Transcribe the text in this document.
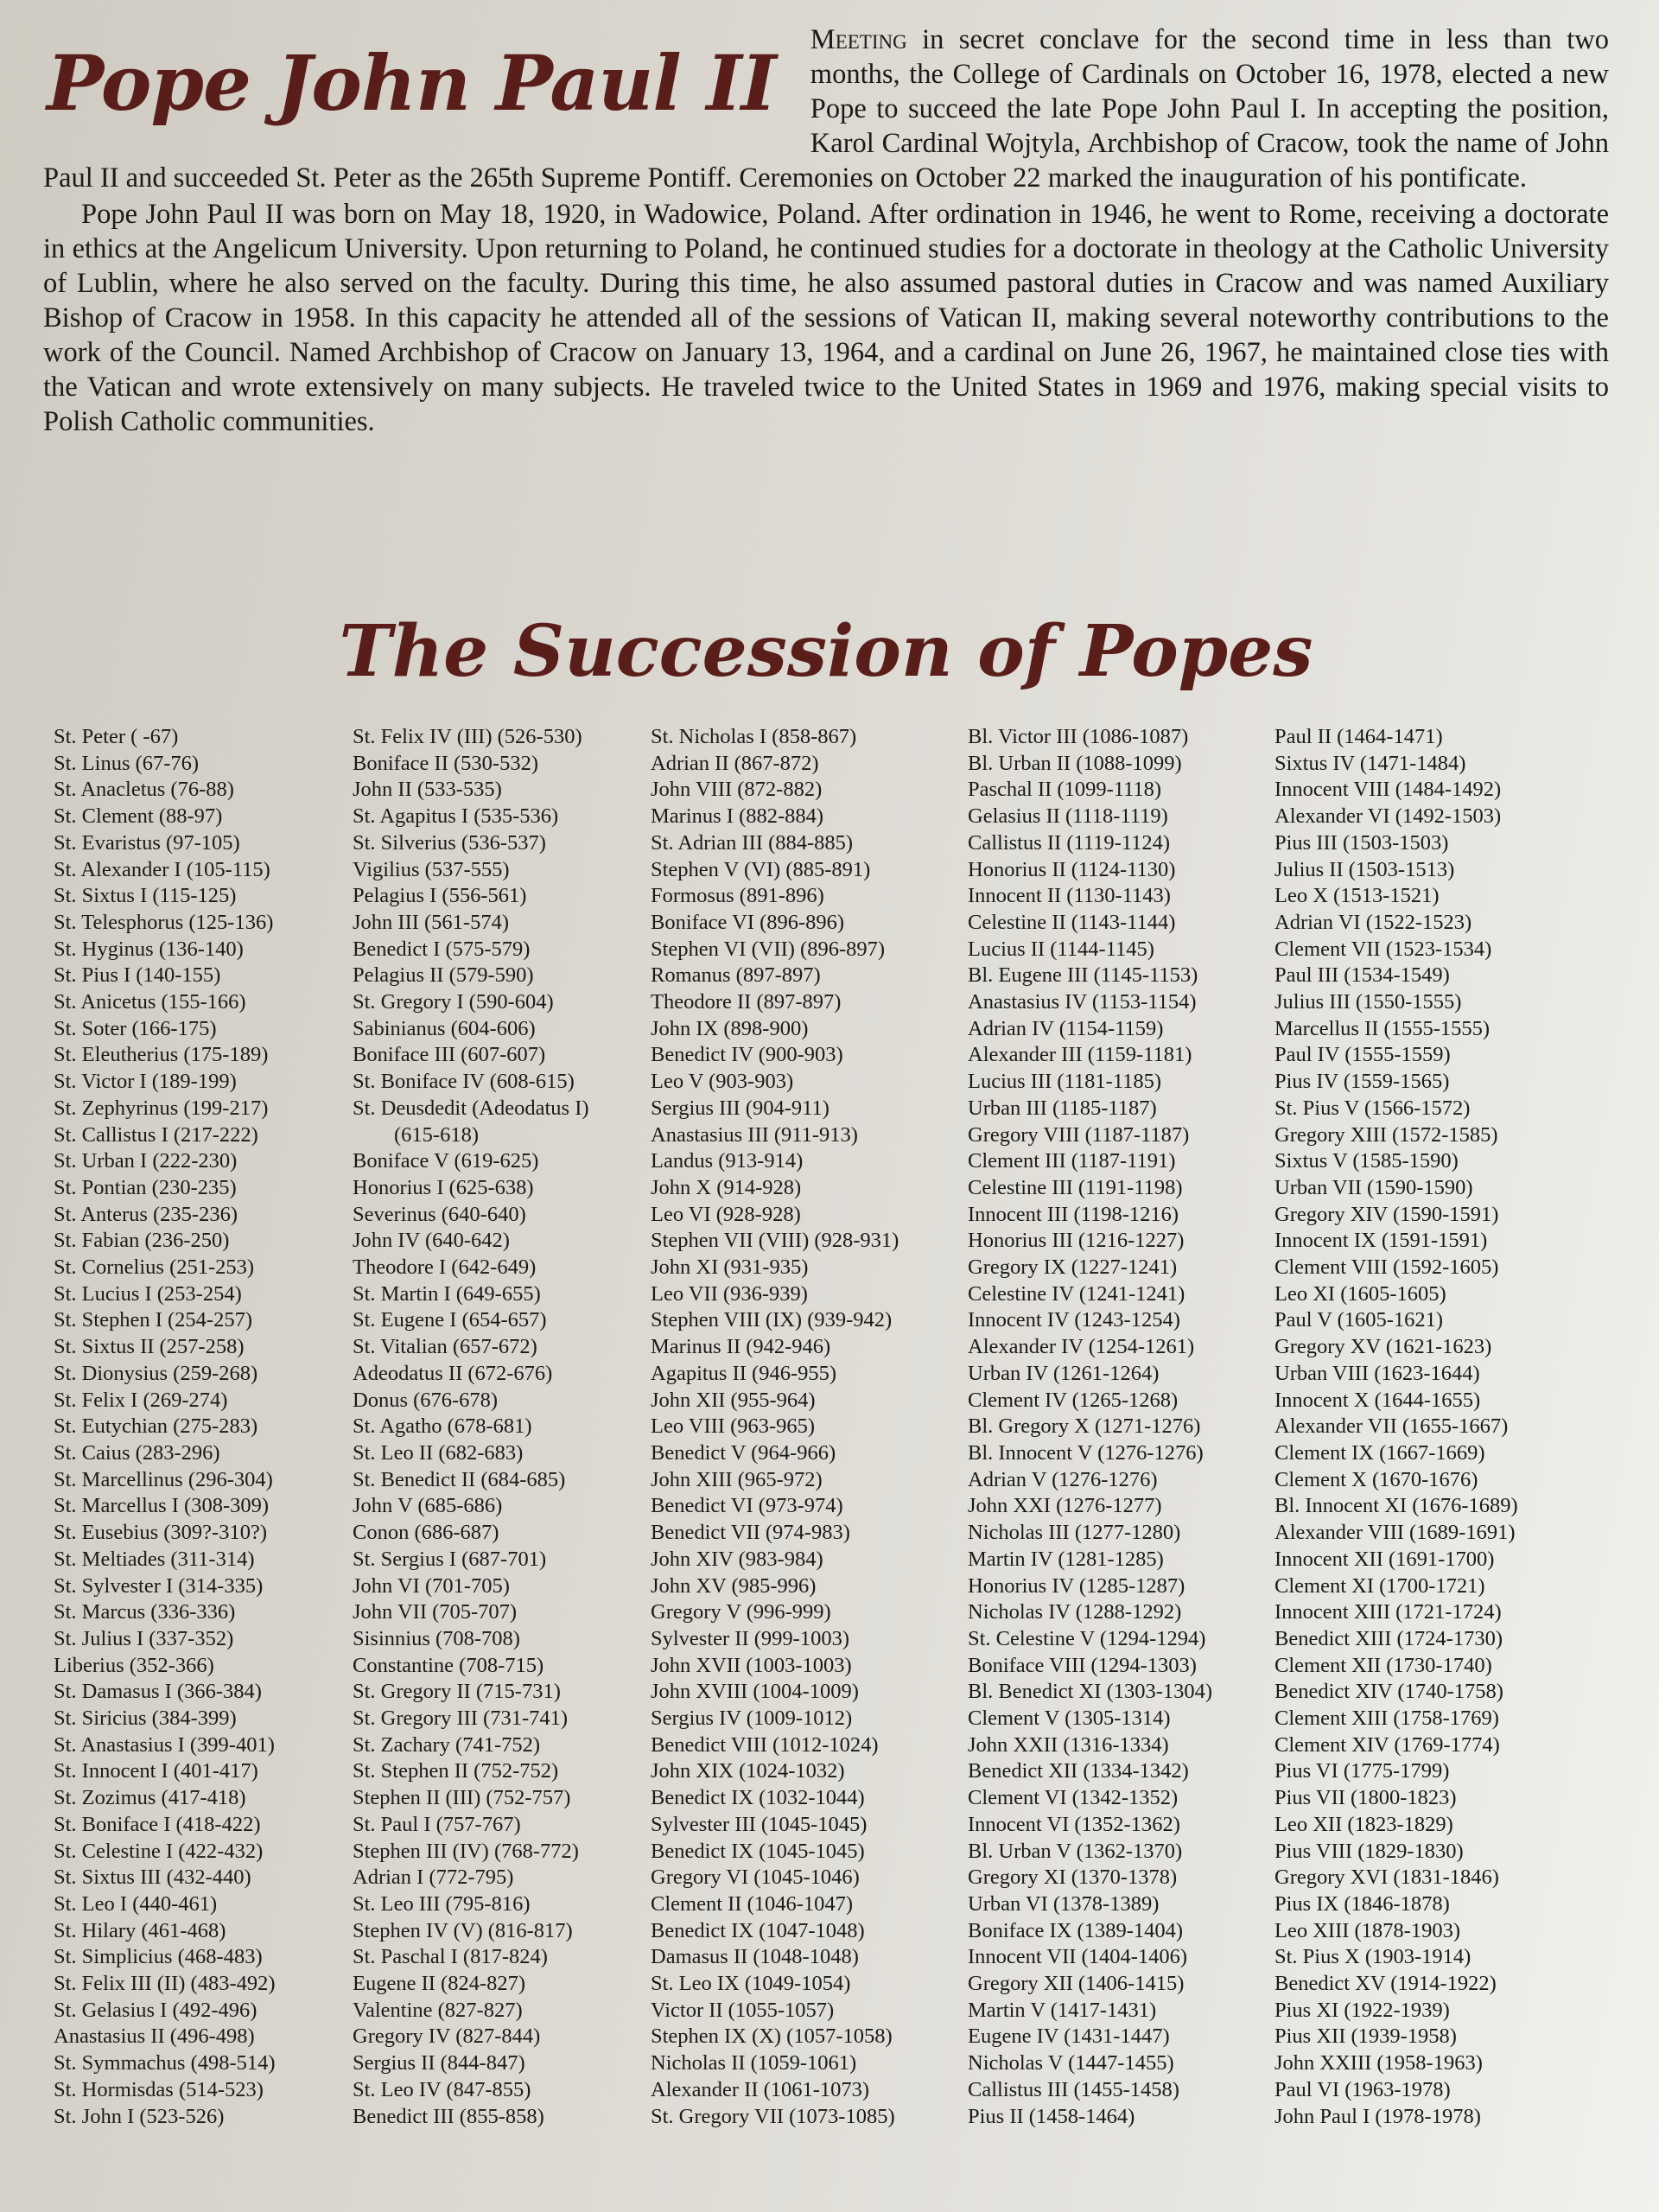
Pope John Paul II	Meeting in secret conclave for the second time in less than two months, the College of Cardinals on October 16, 1978, elected a new Pope to succeed the late Pope John Paul I. In accepting the position, Karol Cardinal Wojtyla, Archbishop of Cracow, took the name of John Paul II and succeeded St. Peter as the 265th Supreme Pontiff. Ceremonies on October 22 marked the inauguration of his pontificate.

Pope John Paul II was born on May 18, 1920, in Wadowice, Poland. After ordination in 1946, he went to Rome, receiving a doctorate in ethics at the Angelicum University. Upon returning to Poland, he continued studies for a doctorate in theology at the Catholic University of Lublin, where he also served on the faculty. During this time, he also assumed pastoral duties in Cracow and was named Auxiliary Bishop of Cracow in 1958. In this capacity he attended all of the sessions of Vatican II, making several noteworthy contributions to the work of the Council. Named Archbishop of Cracow on January 13, 1964, and a cardinal on June 26, 1967, he maintained close ties with the Vatican and wrote extensively on many subjects. He traveled twice to the United States in 1969 and 1976, making special visits to Polish Catholic communities.

The Succession of Popes
St. Peter ( -67)
St. Linus (67-76)
St. Anacletus (76-88)
St. Clement (88-97)
St. Evaristus (97-105)
St. Alexander I (105-115)
St. Sixtus I (115-125)
St. Telesphorus (125-136)
St. Hyginus (136-140)
St. Pius I (140-155)
St. Anicetus (155-166)
St. Soter (166-175)
St. Eleutherius (175-189)
St. Victor I (189-199)
St. Zephyrinus (199-217)
St. Callistus I (217-222)
St. Urban I (222-230)
St. Pontian (230-235)
St. Anterus (235-236)
St. Fabian (236-250)
St. Cornelius (251-253)
St. Lucius I (253-254)
St. Stephen I (254-257)
St. Sixtus II (257-258)
St. Dionysius (259-268)
St. Felix I (269-274)
St. Eutychian (275-283)
St. Caius (283-296)
St. Marcellinus (296-304)
St. Marcellus I (308-309)
St. Eusebius (309?-310?)
St. Meltiades (311-314)
St. Sylvester I (314-335)
St. Marcus (336-336)
St. Julius I (337-352)
Liberius (352-366)
St. Damasus I (366-384)
St. Siricius (384-399)
St. Anastasius I (399-401)
St. Innocent I (401-417)
St. Zozimus (417-418)
St. Boniface I (418-422)
St. Celestine I (422-432)
St. Sixtus III (432-440)
St. Leo I (440-461)
St. Hilary (461-468)
St. Simplicius (468-483)
St. Felix III (II) (483-492)
St. Gelasius I (492-496)
Anastasius II (496-498)
St. Symmachus (498-514)
St. Hormisdas (514-523)
St. John I (523-526)
St. Felix IV (III) (526-530)
Boniface II (530-532)
John II (533-535)
St. Agapitus I (535-536)
St. Silverius (536-537)
Vigilius (537-555)
Pelagius I (556-561)
John III (561-574)
Benedict I (575-579)
Pelagius II (579-590)
St. Gregory I (590-604)
Sabinianus (604-606)
Boniface III (607-607)
St. Boniface IV (608-615)
St. Deusdedit (Adeodatus I)
(615-618)
Boniface V (619-625)
Honorius I (625-638)
Severinus (640-640)
John IV (640-642)
Theodore I (642-649)
St. Martin I (649-655)
St. Eugene I (654-657)
St. Vitalian (657-672)
Adeodatus II (672-676)
Donus (676-678)
St. Agatho (678-681)
St. Leo II (682-683)
St. Benedict II (684-685)
John V (685-686)
Conon (686-687)
St. Sergius I (687-701)
John VI (701-705)
John VII (705-707)
Sisinnius (708-708)
Constantine (708-715)
St. Gregory II (715-731)
St. Gregory III (731-741)
St. Zachary (741-752)
St. Stephen II (752-752)
Stephen II (III) (752-757)
St. Paul I (757-767)
Stephen III (IV) (768-772)
Adrian I (772-795)
St. Leo III (795-816)
Stephen IV (V) (816-817)
St. Paschal I (817-824)
Eugene II (824-827)
Valentine (827-827)
Gregory IV (827-844)
Sergius II (844-847)
St. Leo IV (847-855)
Benedict III (855-858)
St. Nicholas I (858-867)
Adrian II (867-872)
John VIII (872-882)
Marinus I (882-884)
St. Adrian III (884-885)
Stephen V (VI) (885-891)
Formosus (891-896)
Boniface VI (896-896)
Stephen VI (VII) (896-897)
Romanus (897-897)
Theodore II (897-897)
John IX (898-900)
Benedict IV (900-903)
Leo V (903-903)
Sergius III (904-911)
Anastasius III (911-913)
Landus (913-914)
John X (914-928)
Leo VI (928-928)
Stephen VII (VIII) (928-931)
John XI (931-935)
Leo VII (936-939)
Stephen VIII (IX) (939-942)
Marinus II (942-946)
Agapitus II (946-955)
John XII (955-964)
Leo VIII (963-965)
Benedict V (964-966)
John XIII (965-972)
Benedict VI (973-974)
Benedict VII (974-983)
John XIV (983-984)
John XV (985-996)
Gregory V (996-999)
Sylvester II (999-1003)
John XVII (1003-1003)
John XVIII (1004-1009)
Sergius IV (1009-1012)
Benedict VIII (1012-1024)
John XIX (1024-1032)
Benedict IX (1032-1044)
Sylvester III (1045-1045)
Benedict IX (1045-1045)
Gregory VI (1045-1046)
Clement II (1046-1047)
Benedict IX (1047-1048)
Damasus II (1048-1048)
St. Leo IX (1049-1054)
Victor II (1055-1057)
Stephen IX (X) (1057-1058)
Nicholas II (1059-1061)
Alexander II (1061-1073)
St. Gregory VII (1073-1085)
Bl. Victor III (1086-1087)
Bl. Urban II (1088-1099)
Paschal II (1099-1118)
Gelasius II (1118-1119)
Callistus II (1119-1124)
Honorius II (1124-1130)
Innocent II (1130-1143)
Celestine II (1143-1144)
Lucius II (1144-1145)
Bl. Eugene III (1145-1153)
Anastasius IV (1153-1154)
Adrian IV (1154-1159)
Alexander III (1159-1181)
Lucius III (1181-1185)
Urban III (1185-1187)
Gregory VIII (1187-1187)
Clement III (1187-1191)
Celestine III (1191-1198)
Innocent III (1198-1216)
Honorius III (1216-1227)
Gregory IX (1227-1241)
Celestine IV (1241-1241)
Innocent IV (1243-1254)
Alexander IV (1254-1261)
Urban IV (1261-1264)
Clement IV (1265-1268)
Bl. Gregory X (1271-1276)
Bl. Innocent V (1276-1276)
Adrian V (1276-1276)
John XXI (1276-1277)
Nicholas III (1277-1280)
Martin IV (1281-1285)
Honorius IV (1285-1287)
Nicholas IV (1288-1292)
St. Celestine V (1294-1294)
Boniface VIII (1294-1303)
Bl. Benedict XI (1303-1304)
Clement V (1305-1314)
John XXII (1316-1334)
Benedict XII (1334-1342)
Clement VI (1342-1352)
Innocent VI (1352-1362)
Bl. Urban V (1362-1370)
Gregory XI (1370-1378)
Urban VI (1378-1389)
Boniface IX (1389-1404)
Innocent VII (1404-1406)
Gregory XII (1406-1415)
Martin V (1417-1431)
Eugene IV (1431-1447)
Nicholas V (1447-1455)
Callistus III (1455-1458)
Pius II (1458-1464)
Paul II (1464-1471)
Sixtus IV (1471-1484)
Innocent VIII (1484-1492)
Alexander VI (1492-1503)
Pius III (1503-1503)
Julius II (1503-1513)
Leo X (1513-1521)
Adrian VI (1522-1523)
Clement VII (1523-1534)
Paul III (1534-1549)
Julius III (1550-1555)
Marcellus II (1555-1555)
Paul IV (1555-1559)
Pius IV (1559-1565)
St. Pius V (1566-1572)
Gregory XIII (1572-1585)
Sixtus V (1585-1590)
Urban VII (1590-1590)
Gregory XIV (1590-1591)
Innocent IX (1591-1591)
Clement VIII (1592-1605)
Leo XI (1605-1605)
Paul V (1605-1621)
Gregory XV (1621-1623)
Urban VIII (1623-1644)
Innocent X (1644-1655)
Alexander VII (1655-1667)
Clement IX (1667-1669)
Clement X (1670-1676)
Bl. Innocent XI (1676-1689)
Alexander VIII (1689-1691)
Innocent XII (1691-1700)
Clement XI (1700-1721)
Innocent XIII (1721-1724)
Benedict XIII (1724-1730)
Clement XII (1730-1740)
Benedict XIV (1740-1758)
Clement XIII (1758-1769)
Clement XIV (1769-1774)
Pius VI (1775-1799)
Pius VII (1800-1823)
Leo XII (1823-1829)
Pius VIII (1829-1830)
Gregory XVI (1831-1846)
Pius IX (1846-1878)
Leo XIII (1878-1903)
St. Pius X (1903-1914)
Benedict XV (1914-1922)
Pius XI (1922-1939)
Pius XII (1939-1958)
John XXIII (1958-1963)
Paul VI (1963-1978)
John Paul I (1978-1978)
